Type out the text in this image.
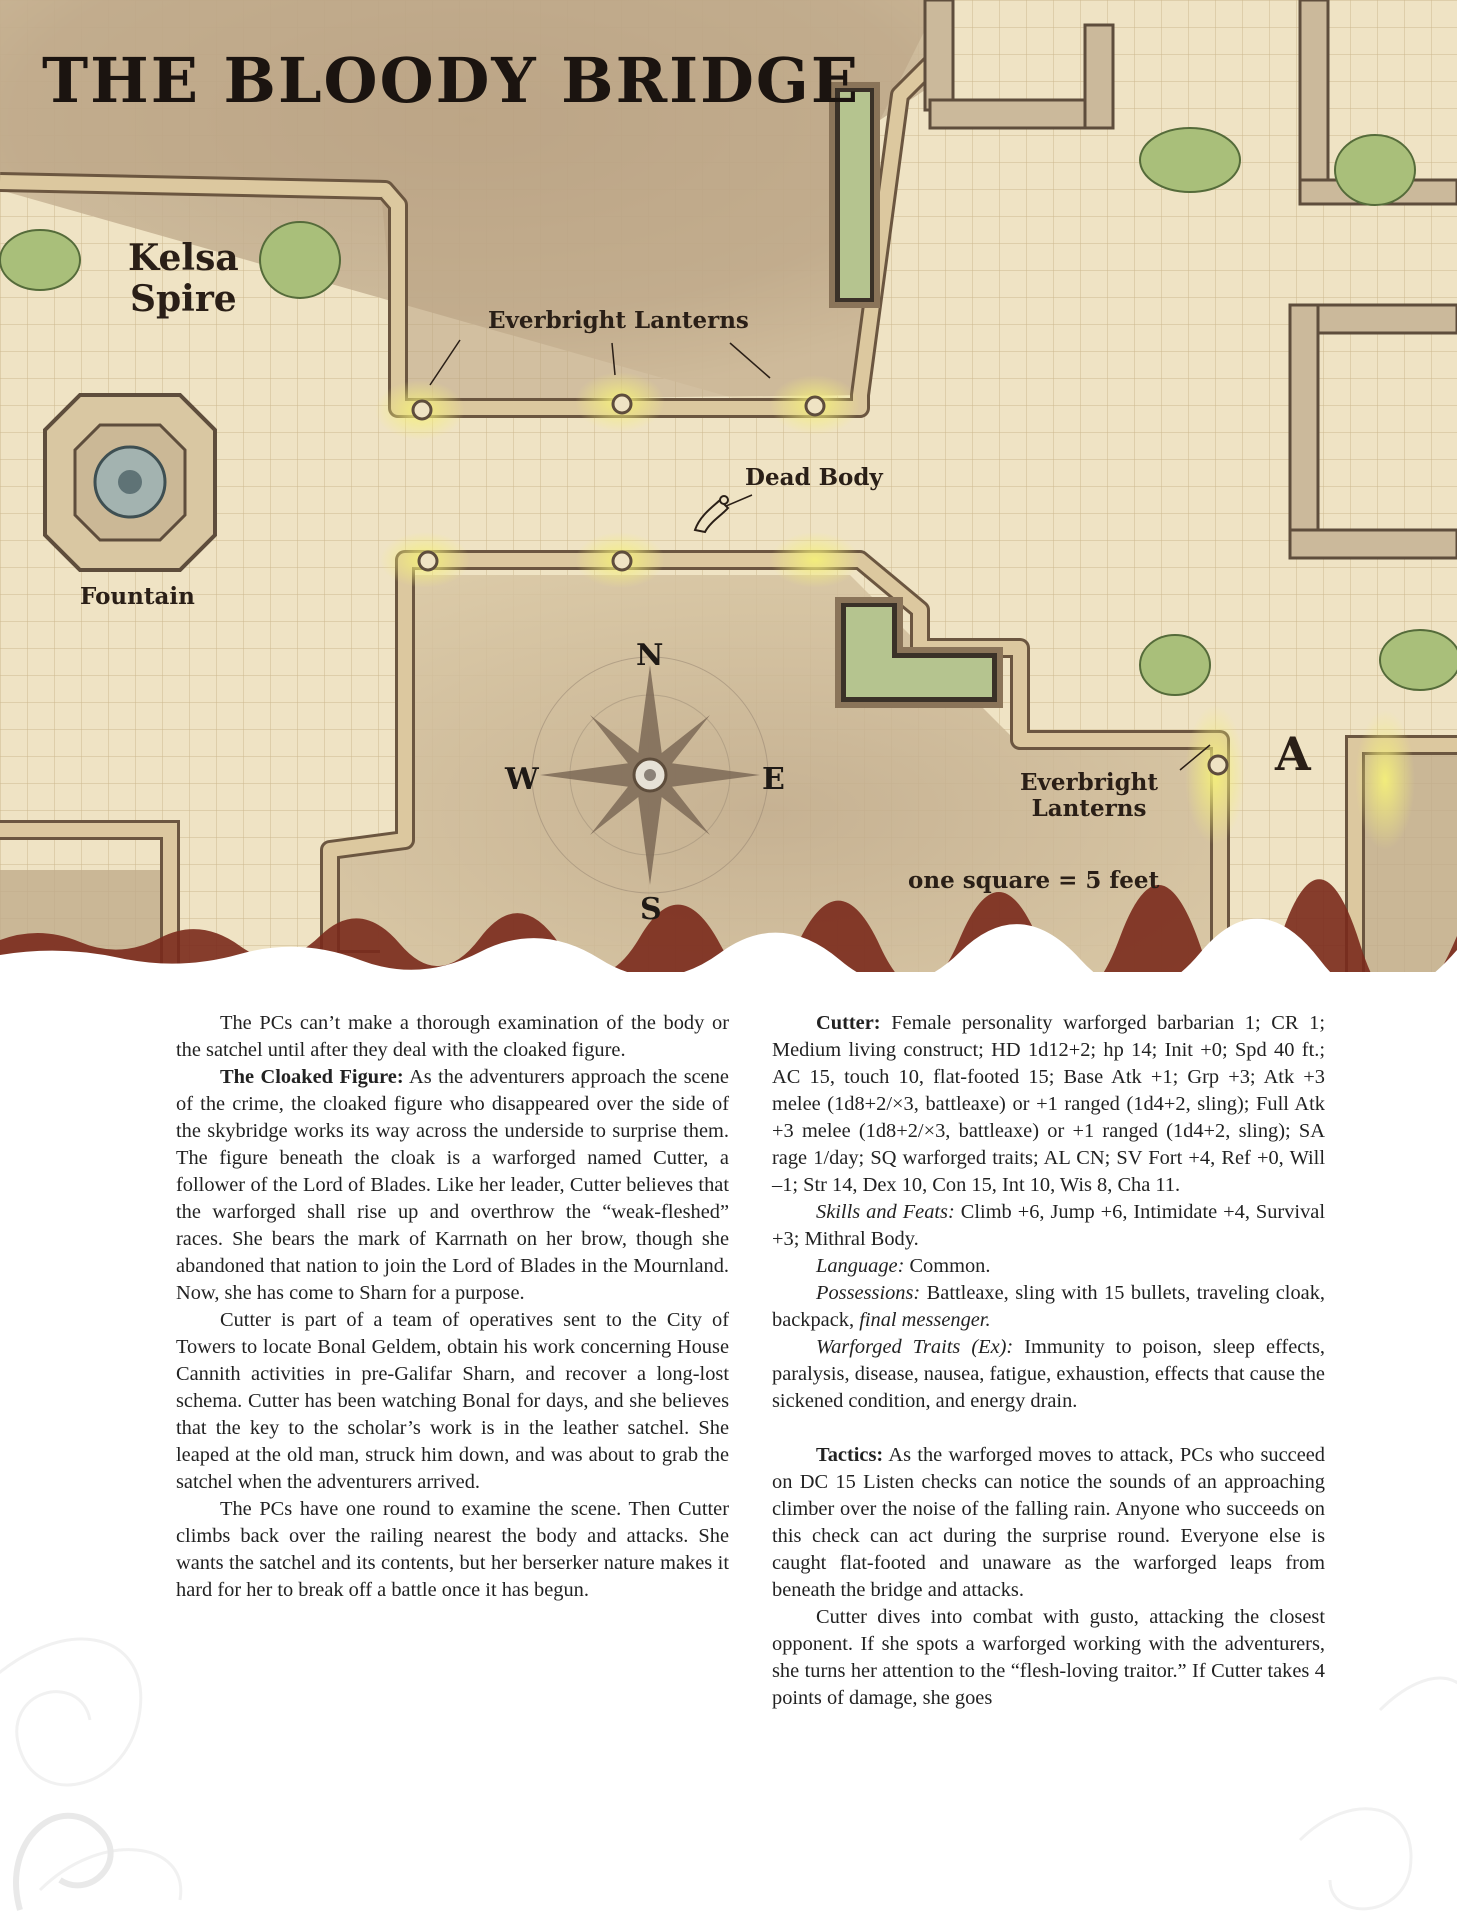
THE BLOODY BRIDGE
Kelsa
Spire
Everbright Lanterns
Dead Body
Fountain
Everbright
Lanterns
A
one square = 5 feet
N
S
E
W

The PCs can’t make a thorough examination of the body or the satchel until after they deal with the cloaked figure.

The Cloaked Figure: As the adventurers approach the scene of the crime, the cloaked figure who disappeared over the side of the skybridge works its way across the underside to surprise them. The figure beneath the cloak is a warforged named Cutter, a follower of the Lord of Blades. Like her leader, Cutter believes that the warforged shall rise up and overthrow the “weak-fleshed” races. She bears the mark of Karrnath on her brow, though she abandoned that nation to join the Lord of Blades in the Mournland. Now, she has come to Sharn for a purpose.

Cutter is part of a team of operatives sent to the City of Towers to locate Bonal Geldem, obtain his work concerning House Cannith activities in pre-Galifar Sharn, and recover a long-lost schema. Cutter has been watching Bonal for days, and she believes that the key to the scholar’s work is in the leather satchel. She leaped at the old man, struck him down, and was about to grab the satchel when the adventurers arrived.

The PCs have one round to examine the scene. Then Cutter climbs back over the railing nearest the body and attacks. She wants the satchel and its contents, but her berserker nature makes it hard for her to break off a battle once it has begun.

Cutter: Female personality warforged barbarian 1; CR 1; Medium living construct; HD 1d12+2; hp 14; Init +0; Spd 40 ft.; AC 15, touch 10, flat-footed 15; Base Atk +1; Grp +3; Atk +3 melee (1d8+2/×3, battleaxe) or +1 ranged (1d4+2, sling); Full Atk +3 melee (1d8+2/×3, battleaxe) or +1 ranged (1d4+2, sling); SA rage 1/day; SQ warforged traits; AL CN; SV Fort +4, Ref +0, Will –1; Str 14, Dex 10, Con 15, Int 10, Wis 8, Cha 11.

Skills and Feats: Climb +6, Jump +6, Intimidate +4, Survival +3; Mithral Body.

Language: Common.

Possessions: Battleaxe, sling with 15 bullets, traveling cloak, backpack, final messenger.

Warforged Traits (Ex): Immunity to poison, sleep effects, paralysis, disease, nausea, fatigue, exhaustion, effects that cause the sickened condition, and energy drain.

Tactics: As the warforged moves to attack, PCs who succeed on DC 15 Listen checks can notice the sounds of an approaching climber over the noise of the falling rain. Anyone who succeeds on this check can act during the surprise round. Everyone else is caught flat-footed and unaware as the warforged leaps from beneath the bridge and attacks.

Cutter dives into combat with gusto, attacking the closest opponent. If she spots a warforged working with the adventurers, she turns her attention to the “flesh-loving traitor.” If Cutter takes 4 points of damage, she goes
